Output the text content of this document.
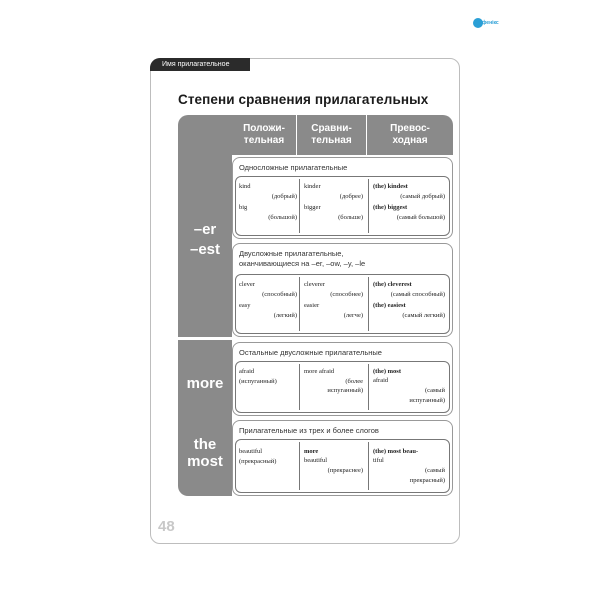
фенікс
Имя прилагательное
Степени сравнения прилагательных
Положи-
тельная
Сравни-
тельная
Превос-
ходная
–er
–est
more
the
most
Односложные прилагательные
kind
(добрый)
big
(большой)
kinder
(добрее)
bigger
(больше)
(the) kindest
(самый добрый)
(the) biggest
(самый большой)
Двусложные прилагательные,
оканчивающиеся на –er, –ow, –y, –le
clever
(способный)
easy
(легкий)
cleverer
(способнее)
easier
(легче)
(the) cleverest
(самый способный)
(the) easiest
(самый легкий)
Остальные двусложные прилагательные
afraid
(испуганный)
more afraid
(более
испуганный)
(the) most
afraid
(самый
испуганный)
Прилагательные из трех и более слогов
beautiful
(прекрасный)
more
beautiful
(прекраснее)
(the) most beau-
tiful
(самый
прекрасный)
48
